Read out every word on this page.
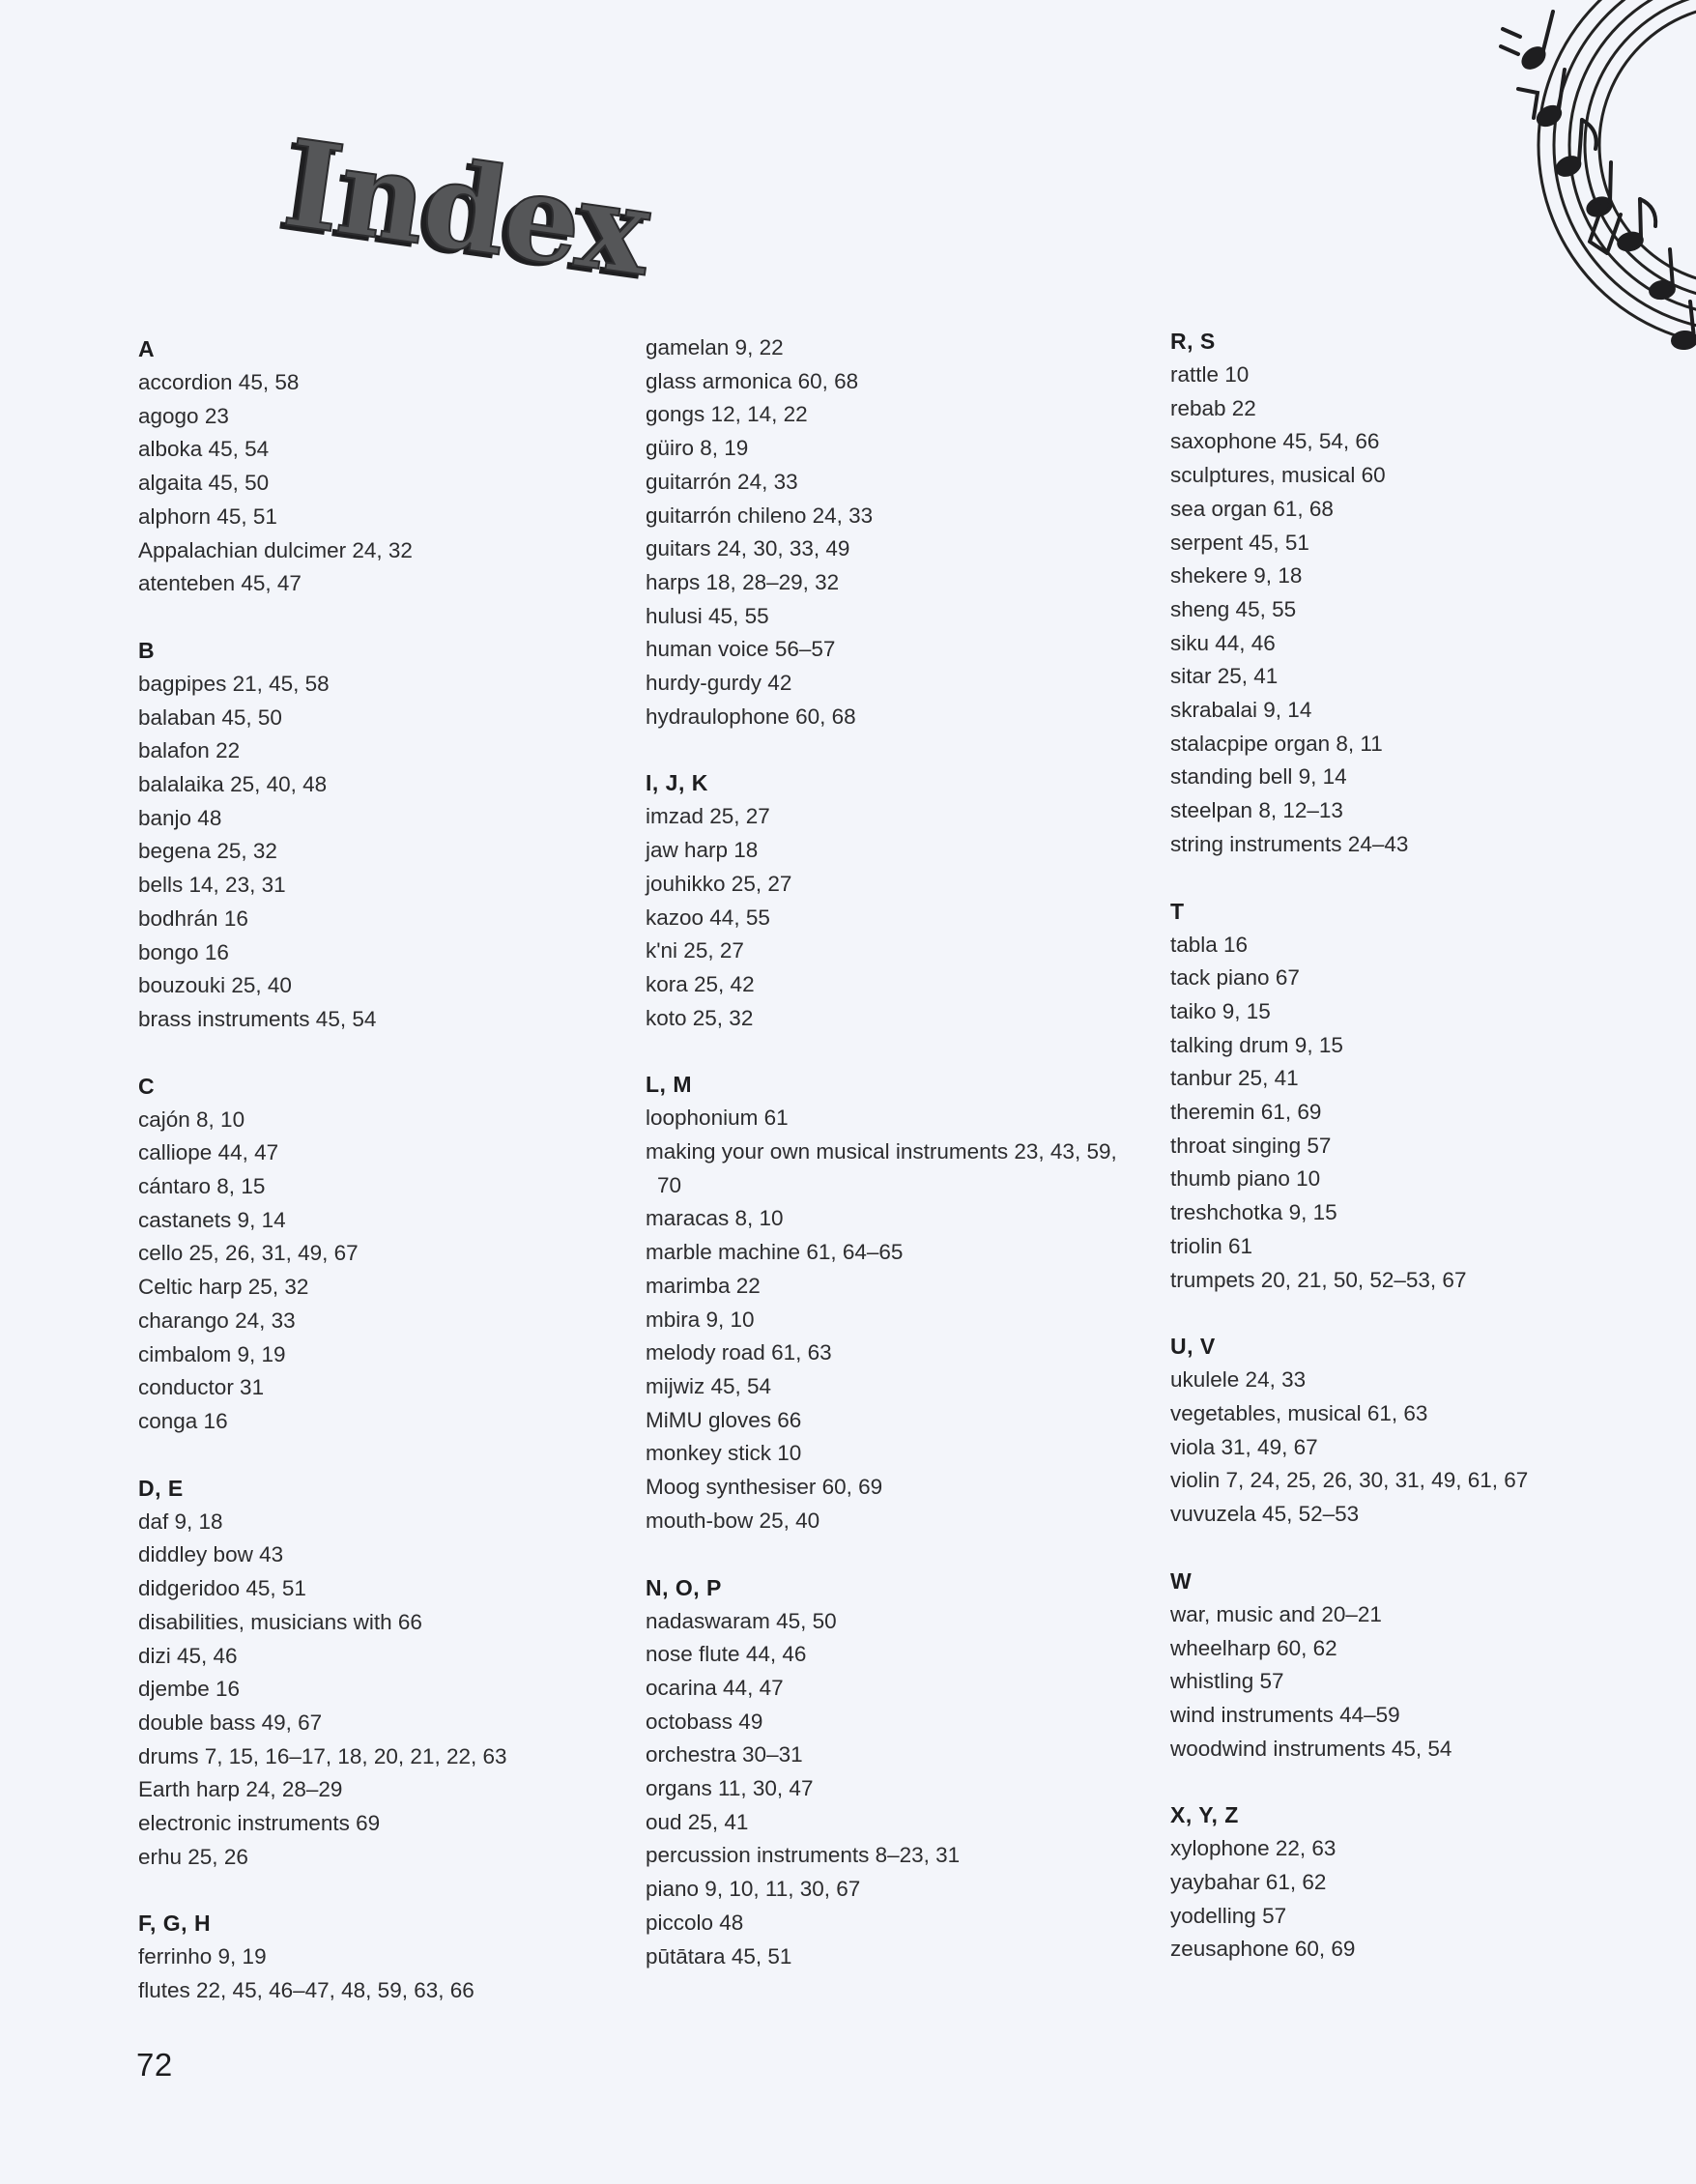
Index
A
accordion 45, 58
agogo 23
alboka 45, 54
algaita 45, 50
alphorn 45, 51
Appalachian dulcimer 24, 32
atenteben 45, 47
B
bagpipes 21, 45, 58
balaban 45, 50
balafon 22
balalaika 25, 40, 48
banjo 48
begena 25, 32
bells 14, 23, 31
bodhrán 16
bongo 16
bouzouki 25, 40
brass instruments 45, 54
C
cajón 8, 10
calliope 44, 47
cántaro 8, 15
castanets 9, 14
cello 25, 26, 31, 49, 67
Celtic harp 25, 32
charango 24, 33
cimbalom 9, 19
conductor 31
conga 16
D, E
daf 9, 18
diddley bow 43
didgeridoo 45, 51
disabilities, musicians with 66
dizi 45, 46
djembe 16
double bass 49, 67
drums 7, 15, 16–17, 18, 20, 21, 22, 63
Earth harp 24, 28–29
electronic instruments 69
erhu 25, 26
F, G, H
ferrinho 9, 19
flutes 22, 45, 46–47, 48, 59, 63, 66
gamelan 9, 22
glass armonica 60, 68
gongs 12, 14, 22
güiro 8, 19
guitarrón 24, 33
guitarrón chileno 24, 33
guitars 24, 30, 33, 49
harps 18, 28–29, 32
hulusi 45, 55
human voice 56–57
hurdy-gurdy 42
hydraulophone 60, 68
I, J, K
imzad 25, 27
jaw harp 18
jouhikko 25, 27
kazoo 44, 55
k'ni 25, 27
kora 25, 42
koto 25, 32
L, M
loophonium 61
making your own musical instruments 23, 43, 59, 70
maracas 8, 10
marble machine 61, 64–65
marimba 22
mbira 9, 10
melody road 61, 63
mijwiz 45, 54
MiMU gloves 66
monkey stick 10
Moog synthesiser 60, 69
mouth-bow 25, 40
N, O, P
nadaswaram 45, 50
nose flute 44, 46
ocarina 44, 47
octobass 49
orchestra 30–31
organs 11, 30, 47
oud 25, 41
percussion instruments 8–23, 31
piano 9, 10, 11, 30, 67
piccolo 48
pūtātara 45, 51
R, S
rattle 10
rebab 22
saxophone 45, 54, 66
sculptures, musical 60
sea organ 61, 68
serpent 45, 51
shekere 9, 18
sheng 45, 55
siku 44, 46
sitar 25, 41
skrabalai 9, 14
stalacpipe organ 8, 11
standing bell 9, 14
steelpan 8, 12–13
string instruments 24–43
T
tabla 16
tack piano 67
taiko 9, 15
talking drum 9, 15
tanbur 25, 41
theremin 61, 69
throat singing 57
thumb piano 10
treshchotka 9, 15
triolin 61
trumpets 20, 21, 50, 52–53, 67
U, V
ukulele 24, 33
vegetables, musical 61, 63
viola 31, 49, 67
violin 7, 24, 25, 26, 30, 31, 49, 61, 67
vuvuzela 45, 52–53
W
war, music and 20–21
wheelharp 60, 62
whistling 57
wind instruments 44–59
woodwind instruments 45, 54
X, Y, Z
xylophone 22, 63
yaybahar 61, 62
yodelling 57
zeusaphone 60, 69
72
